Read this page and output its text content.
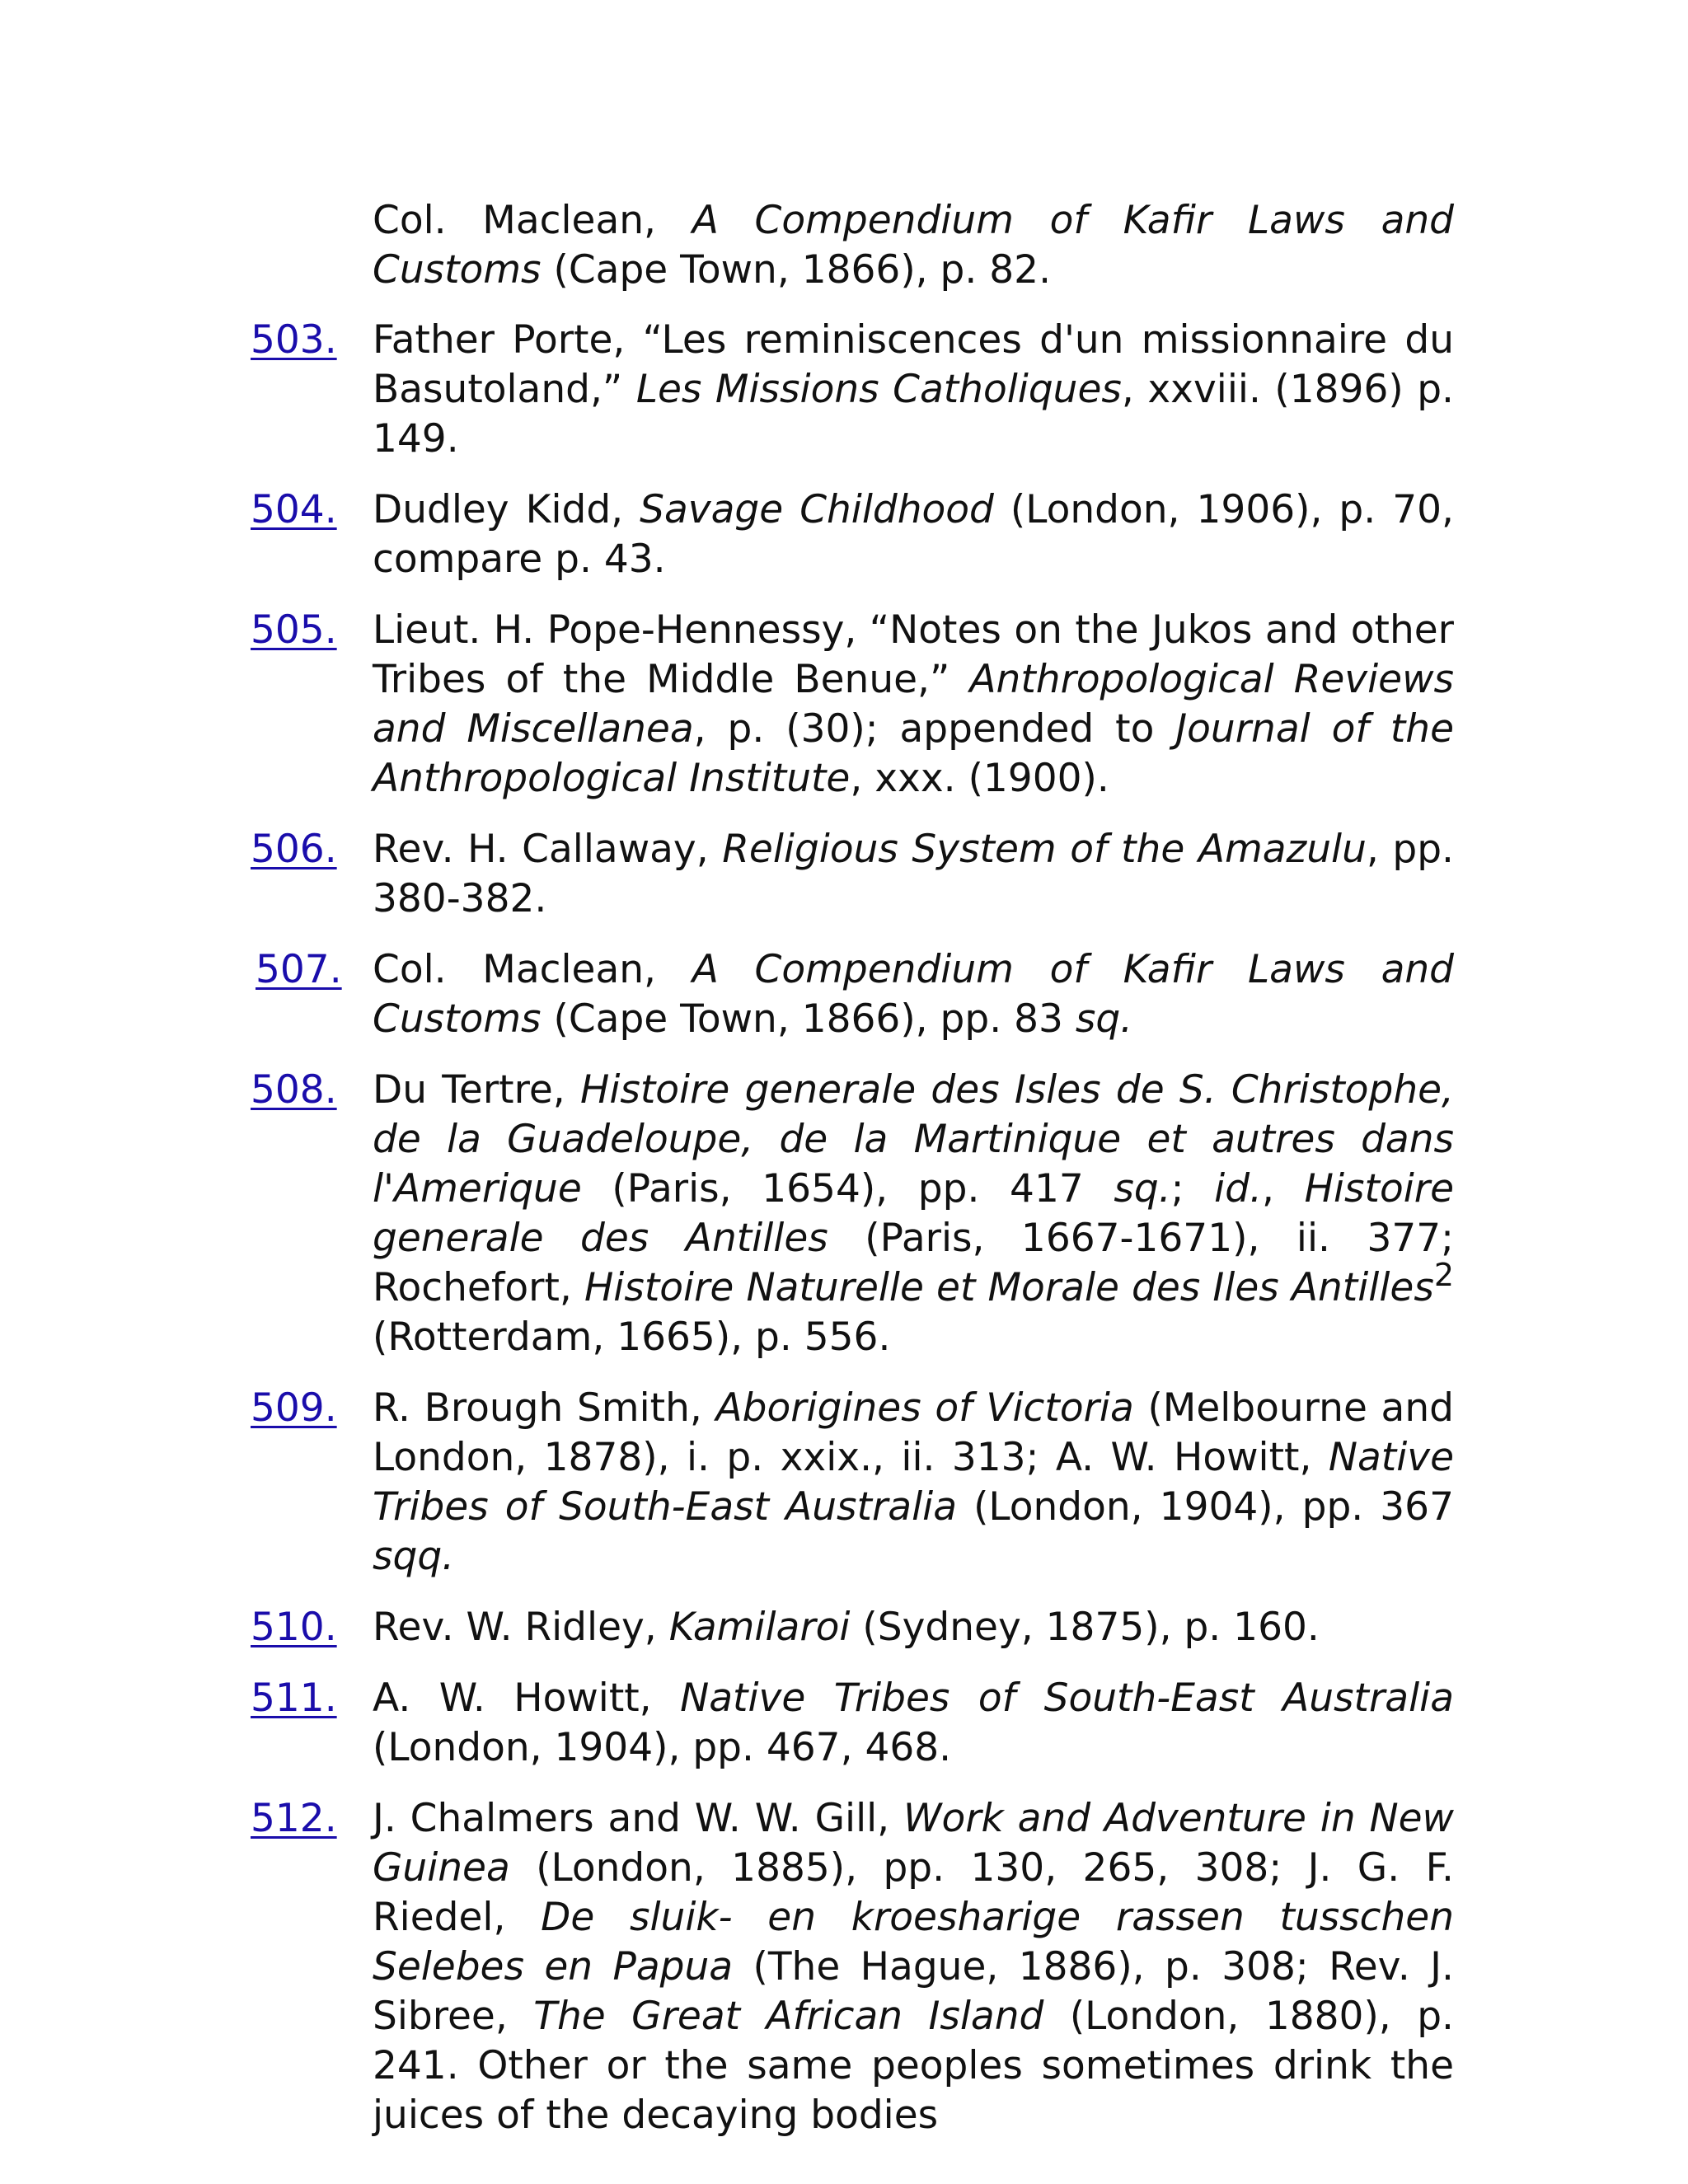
Col. Maclean, A Compendium of Kafir Laws and Customs (Cape Town, 1866), p. 82.
503. Father Porte, “Les reminiscences d'un missionnaire du Basutoland,” Les Missions Catholiques, xxviii. (1896) p. 149.
504. Dudley Kidd, Savage Childhood (London, 1906), p. 70, compare p. 43.
505. Lieut. H. Pope-Hennessy, “Notes on the Jukos and other Tribes of the Middle Benue,” Anthropological Reviews and Miscellanea, p. (30); appended to Journal of the Anthropological Institute, xxx. (1900).
506. Rev. H. Callaway, Religious System of the Amazulu, pp. 380-382.
507. Col. Maclean, A Compendium of Kafir Laws and Customs (Cape Town, 1866), pp. 83 sq.
508. Du Tertre, Histoire generale des Isles de S. Christophe, de la Guadeloupe, de la Martinique et autres dans l'Amerique (Paris, 1654), pp. 417 sq.; id., Histoire generale des Antilles (Paris, 1667-1671), ii. 377; Rochefort, Histoire Naturelle et Morale des Iles Antilles$^2$ (Rotterdam, 1665), p. 556.
509. R. Brough Smith, Aborigines of Victoria (Melbourne and London, 1878), i. p. xxix., ii. 313; A. W. Howitt, Native Tribes of South-East Australia (London, 1904), pp. 367 sqq.
510. Rev. W. Ridley, Kamilaroi (Sydney, 1875), p. 160.
511. A. W. Howitt, Native Tribes of South-East Australia (London, 1904), pp. 467, 468.
512. J. Chalmers and W. W. Gill, Work and Adventure in New Guinea (London, 1885), pp. 130, 265, 308; J. G. F. Riedel, De sluik- en kroesharige rassen tusschen Selebes en Papua (The Hague, 1886), p. 308; Rev. J. Sibree, The Great African Island (London, 1880), p. 241. Other or the same peoples sometimes drink the juices of the decaying bodies
